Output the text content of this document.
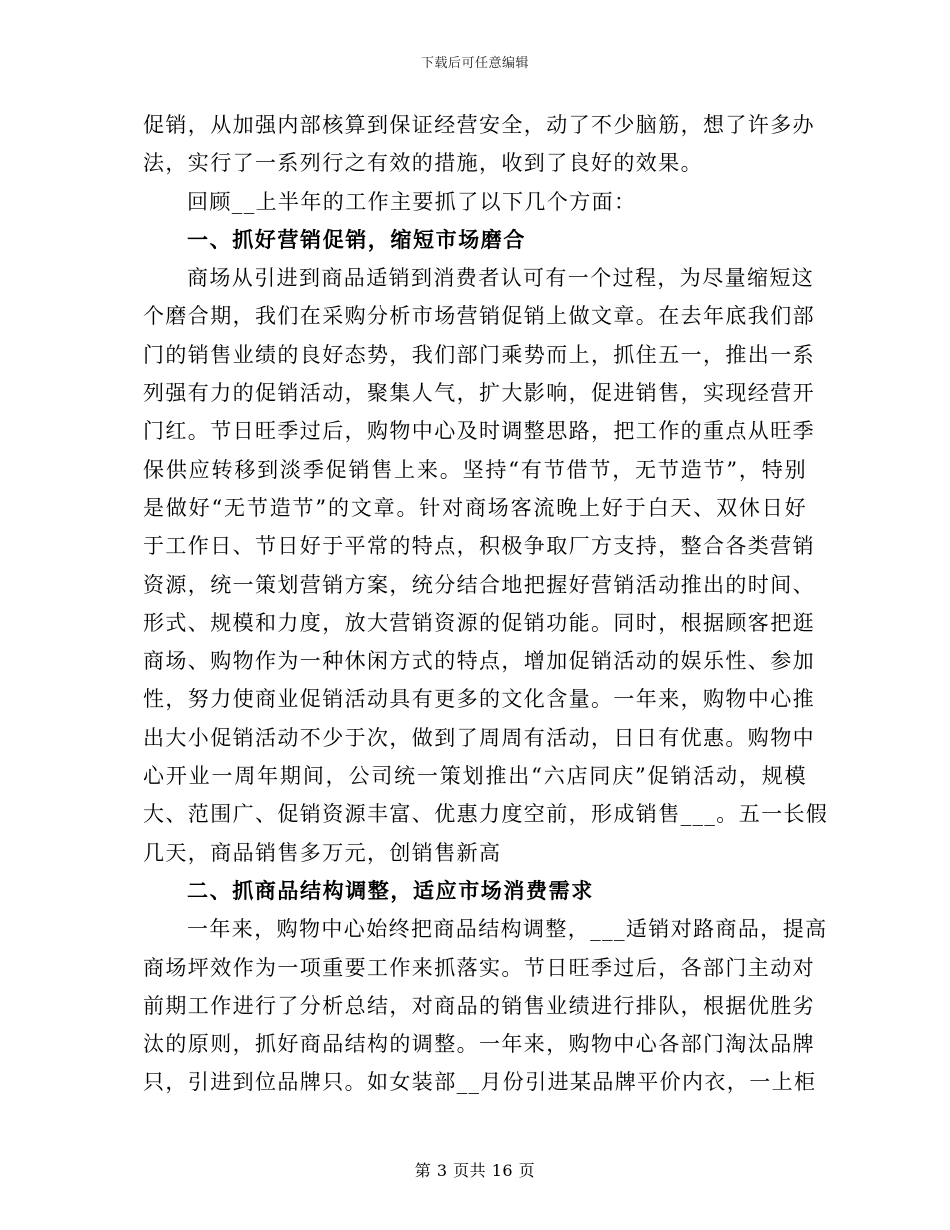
下载后可任意编辑
促销，从加强内部核算到保证经营安全，动了不少脑筋，想了许多办
法，实行了一系列行之有效的措施，收到了良好的效果。
回顾__上半年的工作主要抓了以下几个方面：
一、抓好营销促销，缩短市场磨合
商场从引进到商品适销到消费者认可有一个过程，为尽量缩短这
个磨合期，我们在采购分析市场营销促销上做文章。在去年底我们部
门的销售业绩的良好态势，我们部门乘势而上，抓住五一，推出一系
列强有力的促销活动，聚集人气，扩大影响，促进销售，实现经营开
门红。节日旺季过后，购物中心及时调整思路，把工作的重点从旺季
保供应转移到淡季促销售上来。坚持“有节借节，无节造节”，特别
是做好“无节造节”的文章。针对商场客流晚上好于白天、双休日好
于工作日、节日好于平常的特点，积极争取厂方支持，整合各类营销
资源，统一策划营销方案，统分结合地把握好营销活动推出的时间、
形式、规模和力度，放大营销资源的促销功能。同时，根据顾客把逛
商场、购物作为一种休闲方式的特点，增加促销活动的娱乐性、参加
性，努力使商业促销活动具有更多的文化含量。一年来，购物中心推
出大小促销活动不少于次，做到了周周有活动，日日有优惠。购物中
心开业一周年期间，公司统一策划推出“六店同庆”促销活动，规模
大、范围广、促销资源丰富、优惠力度空前，形成销售___。五一长假
几天，商品销售多万元，创销售新高
二、抓商品结构调整，适应市场消费需求
一年来，购物中心始终把商品结构调整，___适销对路商品，提高
商场坪效作为一项重要工作来抓落实。节日旺季过后，各部门主动对
前期工作进行了分析总结，对商品的销售业绩进行排队，根据优胜劣
汰的原则，抓好商品结构的调整。一年来，购物中心各部门淘汰品牌
只，引进到位品牌只。如女装部__月份引进某品牌平价内衣，一上柜
第 3 页共 16 页
